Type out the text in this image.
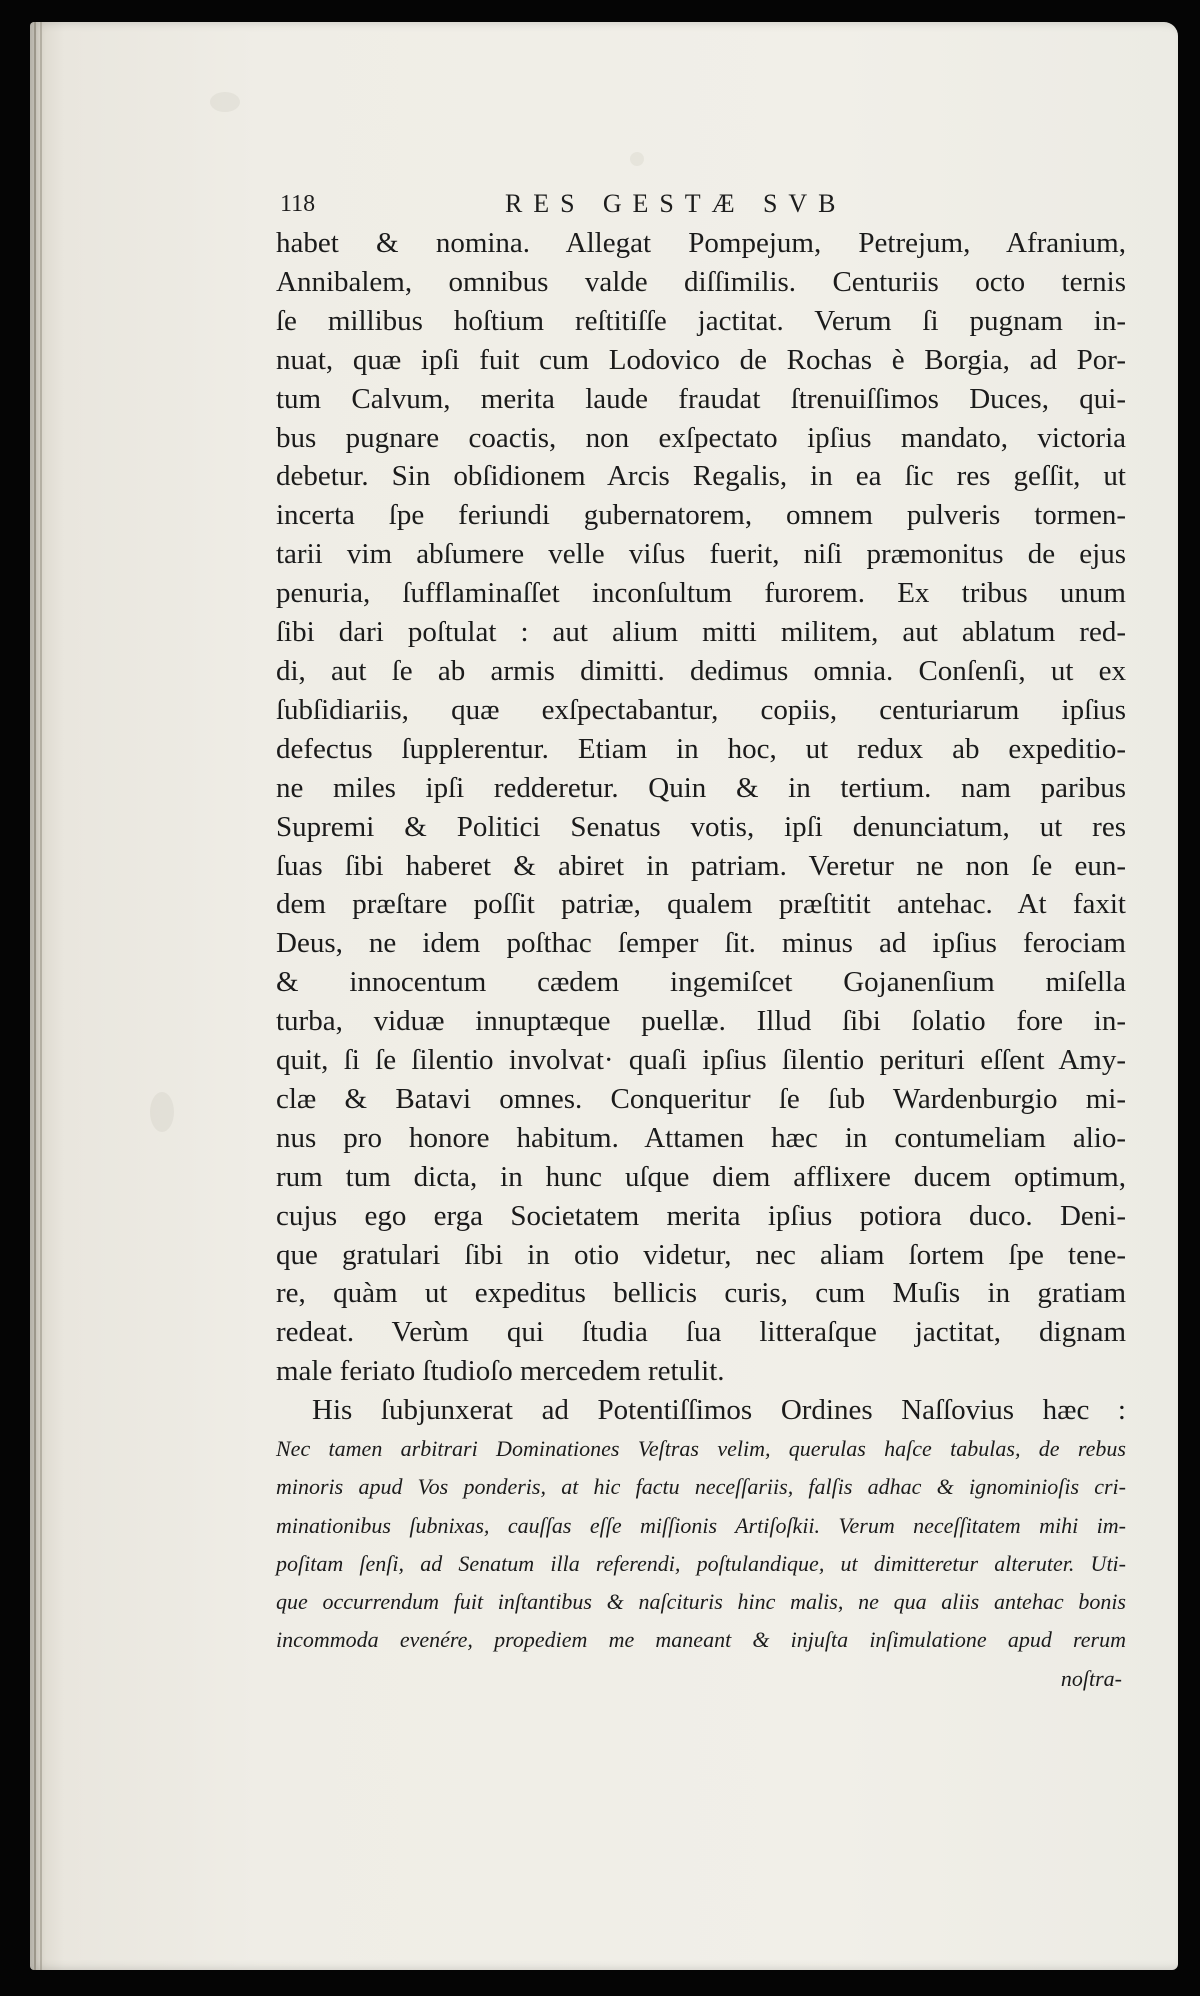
118	RES GESTÆ SVB
habet & nomina. Allegat Pompejum, Petrejum, Afranium,
Annibalem, omnibus valde diſſimilis. Centuriis octo ternis
ſe millibus hoſtium reſtitiſſe jactitat. Verum ſi pugnam in-
nuat, quæ ipſi fuit cum Lodovico de Rochas è Borgia, ad Por-
tum Calvum, merita laude fraudat ſtrenuiſſimos Duces, qui-
bus pugnare coactis, non exſpectato ipſius mandato, victoria
debetur. Sin obſidionem Arcis Regalis, in ea ſic res geſſit, ut
incerta ſpe feriundi gubernatorem, omnem pulveris tormen-
tarii vim abſumere velle viſus fuerit, niſi præmonitus de ejus
penuria, ſufflaminaſſet inconſultum furorem. Ex tribus unum
ſibi dari poſtulat : aut alium mitti militem, aut ablatum red-
di, aut ſe ab armis dimitti. dedimus omnia. Conſenſi, ut ex
ſubſidiariis, quæ exſpectabantur, copiis, centuriarum ipſius
defectus ſupplerentur. Etiam in hoc, ut redux ab expeditio-
ne miles ipſi redderetur. Quin & in tertium. nam paribus
Supremi & Politici Senatus votis, ipſi denunciatum, ut res
ſuas ſibi haberet & abiret in patriam. Veretur ne non ſe eun-
dem præſtare poſſit patriæ, qualem præſtitit antehac. At faxit
Deus, ne idem poſthac ſemper ſit. minus ad ipſius ferociam
& innocentum cædem ingemiſcet Gojanenſium miſella
turba, viduæ innuptæque puellæ. Illud ſibi ſolatio fore in-
quit, ſi ſe ſilentio involvat· quaſi ipſius ſilentio perituri eſſent Amy-
clæ & Batavi omnes. Conqueritur ſe ſub Wardenburgio mi-
nus pro honore habitum. Attamen hæc in contumeliam alio-
rum tum dicta, in hunc uſque diem afflixere ducem optimum,
cujus ego erga Societatem merita ipſius potiora duco. Deni-
que gratulari ſibi in otio videtur, nec aliam ſortem ſpe tene-
re, quàm ut expeditus bellicis curis, cum Muſis in gratiam
redeat. Verùm qui ſtudia ſua litteraſque jactitat, dignam
male feriato ſtudioſo mercedem retulit.
His ſubjunxerat ad Potentiſſimos Ordines Naſſovius hæc :
Nec tamen arbitrari Dominationes Veſtras velim, querulas haſce tabulas, de rebus
minoris apud Vos ponderis, at hic factu neceſſariis, falſis adhac & ignominioſis cri-
minationibus ſubnixas, cauſſas eſſe miſſionis Artiſoſkii. Verum neceſſitatem mihi im-
poſitam ſenſi, ad Senatum illa referendi, poſtulandique, ut dimitteretur alteruter. Uti-
que occurrendum fuit inſtantibus & naſcituris hinc malis, ne qua aliis antehac bonis
incommoda evenére, propediem me maneant & injuſta inſimulatione apud rerum
noſtra-
